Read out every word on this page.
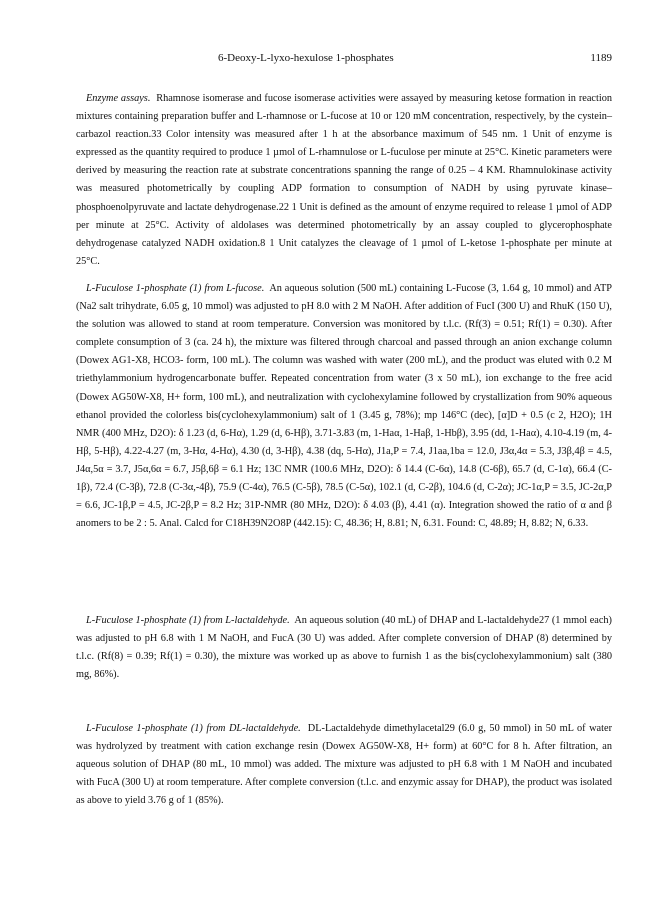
6-Deoxy-L-lyxo-hexulose 1-phosphates	1189

Enzyme assays. Rhamnose isomerase and fucose isomerase activities were assayed by measuring ketose formation in reaction mixtures containing preparation buffer and L-rhamnose or L-fucose at 10 or 120 mM concentration, respectively, by the cystein–carbazol reaction.33 Color intensity was measured after 1 h at the absorbance maximum of 545 nm. 1 Unit of enzyme is expressed as the quantity required to produce 1 µmol of L-rhamnulose or L-fuculose per minute at 25°C. Kinetic parameters were derived by measuring the reaction rate at substrate concentrations spanning the range of 0.25 – 4 KM. Rhamnulokinase activity was measured photometrically by coupling ADP formation to consumption of NADH by using pyruvate kinase–phosphoenolpyruvate and lactate dehydrogenase.22 1 Unit is defined as the amount of enzyme required to release 1 µmol of ADP per minute at 25°C. Activity of aldolases was determined photometrically by an assay coupled to glycerophosphate dehydrogenase catalyzed NADH oxidation.8 1 Unit catalyzes the cleavage of 1 µmol of L-ketose 1-phosphate per minute at 25°C.

L-Fuculose 1-phosphate (1) from L-fucose. An aqueous solution (500 mL) containing L-Fucose (3, 1.64 g, 10 mmol) and ATP (Na2 salt trihydrate, 6.05 g, 10 mmol) was adjusted to pH 8.0 with 2 M NaOH. After addition of FucI (300 U) and RhuK (150 U), the solution was allowed to stand at room temperature. Conversion was monitored by t.l.c. (Rf(3) = 0.51; Rf(1) = 0.30). After complete consumption of 3 (ca. 24 h), the mixture was filtered through charcoal and passed through an anion exchange column (Dowex AG1-X8, HCO3- form, 100 mL). The column was washed with water (200 mL), and the product was eluted with 0.2 M triethylammonium hydrogencarbonate buffer. Repeated concentration from water (3 x 50 mL), ion exchange to the free acid (Dowex AG50W-X8, H+ form, 100 mL), and neutralization with cyclohexylamine followed by crystallization from 90% aqueous ethanol provided the colorless bis(cyclohexylammonium) salt of 1 (3.45 g, 78%); mp 146°C (dec), [α]D + 0.5 (c 2, H2O); 1H NMR (400 MHz, D2O): δ 1.23 (d, 6-Hα), 1.29 (d, 6-Hβ), 3.71-3.83 (m, 1-Haα, 1-Haβ, 1-Hbβ), 3.95 (dd, 1-Haα), 4.10-4.19 (m, 4-Hβ, 5-Hβ), 4.22-4.27 (m, 3-Hα, 4-Hα), 4.30 (d, 3-Hβ), 4.38 (dq, 5-Hα), J1a,P = 7.4, J1aa,1ba = 12.0, J3α,4α = 5.3, J3β,4β = 4.5, J4α,5α = 3.7, J5α,6α = 6.7, J5β,6β = 6.1 Hz; 13C NMR (100.6 MHz, D2O): δ 14.4 (C-6α), 14.8 (C-6β), 65.7 (d, C-1α), 66.4 (C-1β), 72.4 (C-3β), 72.8 (C-3α,-4β), 75.9 (C-4α), 76.5 (C-5β), 78.5 (C-5α), 102.1 (d, C-2β), 104.6 (d, C-2α); JC-1α,P = 3.5, JC-2α,P = 6.6, JC-1β,P = 4.5, JC-2β,P = 8.2 Hz; 31P-NMR (80 MHz, D2O): δ 4.03 (β), 4.41 (α). Integration showed the ratio of α and β anomers to be 2 : 5. Anal. Calcd for C18H39N2O8P (442.15): C, 48.36; H, 8.81; N, 6.31. Found: C, 48.89; H, 8.82; N, 6.33.

L-Fuculose 1-phosphate (1) from L-lactaldehyde. An aqueous solution (40 mL) of DHAP and L-lactaldehyde27 (1 mmol each) was adjusted to pH 6.8 with 1 M NaOH, and FucA (30 U) was added. After complete conversion of DHAP (8) determined by t.l.c. (Rf(8) = 0.39; Rf(1) = 0.30), the mixture was worked up as above to furnish 1 as the bis(cyclohexylammonium) salt (380 mg, 86%).

L-Fuculose 1-phosphate (1) from DL-lactaldehyde. DL-Lactaldehyde dimethylacetal29 (6.0 g, 50 mmol) in 50 mL of water was hydrolyzed by treatment with cation exchange resin (Dowex AG50W-X8, H+ form) at 60°C for 8 h. After filtration, an aqueous solution of DHAP (80 mL, 10 mmol) was added. The mixture was adjusted to pH 6.8 with 1 M NaOH and incubated with FucA (300 U) at room temperature. After complete conversion (t.l.c. and enzymic assay for DHAP), the product was isolated as above to yield 3.76 g of 1 (85%).
